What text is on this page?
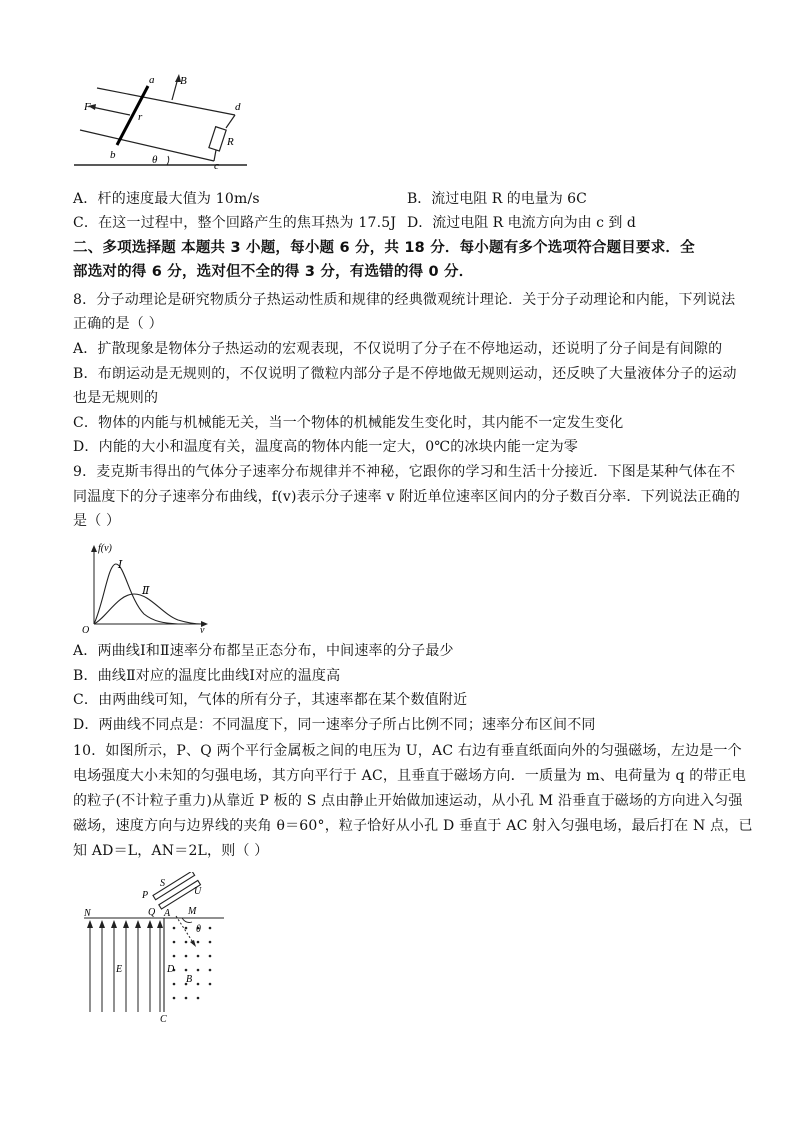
a
b
c
d
F
B
r
R
θ
A．杆的速度最大值为 10m/s	B．流过电阻 R 的电量为 6C
C．在这一过程中，整个回路产生的焦耳热为 17.5J D．流过电阻 R 电流方向为由 c 到 d
二、多项选择题 本题共 3 小题，每小题 6 分，共 18 分．每小题有多个选项符合题目要求．全
部选对的得 6 分，选对但不全的得 3 分，有选错的得 0 分．
8．分子动理论是研究物质分子热运动性质和规律的经典微观统计理论．关于分子动理论和内能，下列说法
正确的是（ ）
A．扩散现象是物体分子热运动的宏观表现，不仅说明了分子在不停地运动，还说明了分子间是有间隙的
B．布朗运动是无规则的，不仅说明了微粒内部分子是不停地做无规则运动，还反映了大量液体分子的运动
也是无规则的
C．物体的内能与机械能无关，当一个物体的机械能发生变化时，其内能不一定发生变化
D．内能的大小和温度有关，温度高的物体内能一定大，0℃的冰块内能一定为零
9．麦克斯韦得出的气体分子速率分布规律并不神秘，它跟你的学习和生活十分接近．下图是某种气体在不
同温度下的分子速率分布曲线，f(v)表示分子速率 v 附近单位速率区间内的分子数百分率．下列说法正确的
是（ ）
f(v)
v
O
Ⅰ
Ⅱ
A．两曲线Ⅰ和Ⅱ速率分布都呈正态分布，中间速率的分子最少
B．曲线Ⅱ对应的温度比曲线Ⅰ对应的温度高
C．由两曲线可知，气体的所有分子，其速率都在某个数值附近
D．两曲线不同点是：不同温度下，同一速率分子所占比例不同；速率分布区间不同
10．如图所示，P、Q 两个平行金属板之间的电压为 U，AC 右边有垂直纸面向外的匀强磁场，左边是一个
电场强度大小未知的匀强电场，其方向平行于 AC，且垂直于磁场方向．一质量为 m、电荷量为 q 的带正电
的粒子(不计粒子重力)从靠近 P 板的 S 点由静止开始做加速运动，从小孔 M 沿垂直于磁场的方向进入匀强
磁场，速度方向与边界线的夹角 θ＝60°，粒子恰好从小孔 D 垂直于 AC 射入匀强电场，最后打在 N 点，已
知 AD＝L，AN＝2L，则（ ）
S
U
P
Q
N	A M
θ
D
E
B
C
